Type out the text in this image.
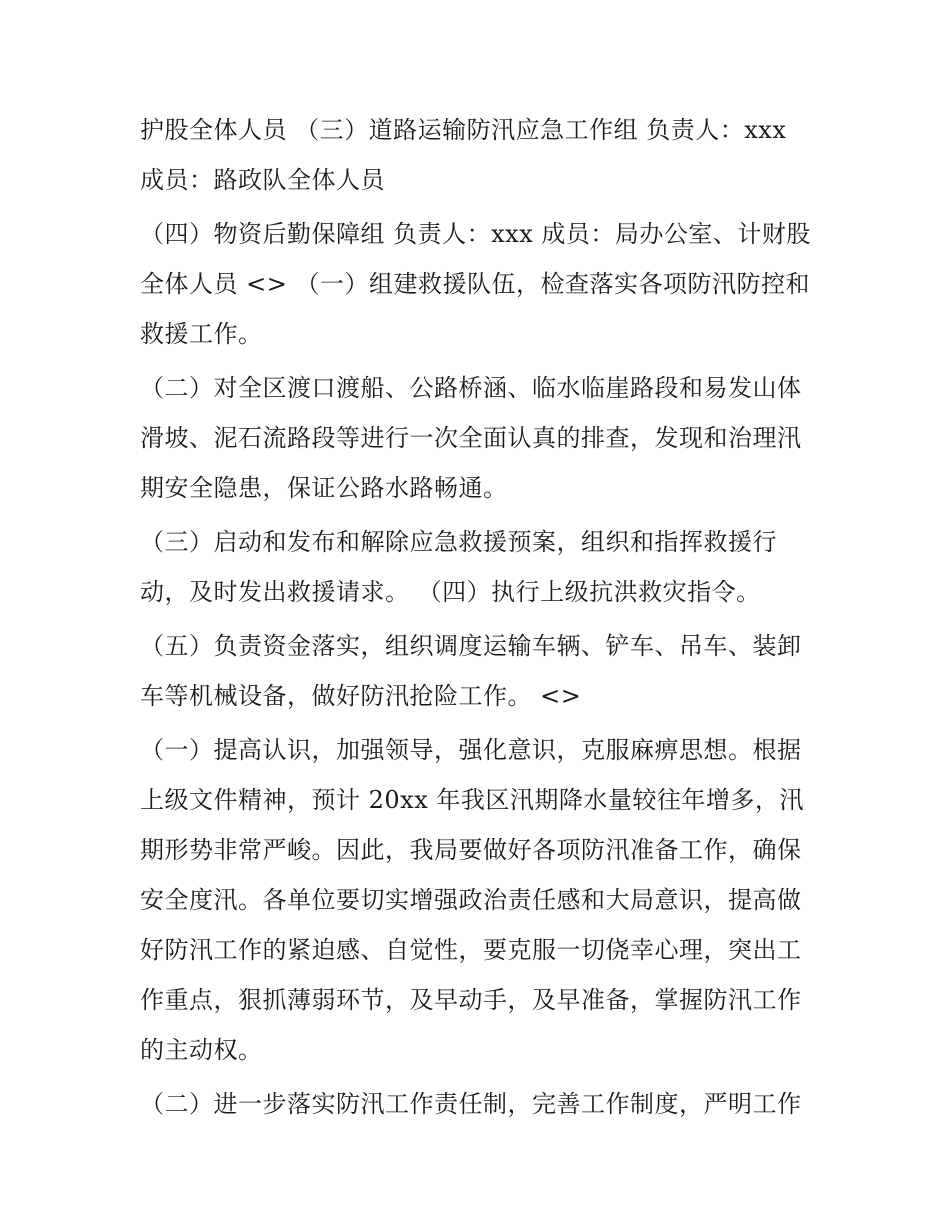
护股全体人员 （三）道路运输防汛应急工作组 负责人：xxx
成员：路政队全体人员
（四）物资后勤保障组 负责人：xxx 成员：局办公室、计财股
全体人员 <> （一）组建救援队伍，检查落实各项防汛防控和
救援工作。
（二）对全区渡口渡船、公路桥涵、临水临崖路段和易发山体
滑坡、泥石流路段等进行一次全面认真的排查，发现和治理汛
期安全隐患，保证公路水路畅通。
（三）启动和发布和解除应急救援预案，组织和指挥救援行
动，及时发出救援请求。 （四）执行上级抗洪救灾指令。
（五）负责资金落实，组织调度运输车辆、铲车、吊车、装卸
车等机械设备，做好防汛抢险工作。 <>
（一）提高认识，加强领导，强化意识，克服麻痹思想。根据
上级文件精神，预计 20xx 年我区汛期降水量较往年增多，汛
期形势非常严峻。因此，我局要做好各项防汛准备工作，确保
安全度汛。各单位要切实增强政治责任感和大局意识，提高做
好防汛工作的紧迫感、自觉性，要克服一切侥幸心理，突出工
作重点，狠抓薄弱环节，及早动手，及早准备，掌握防汛工作
的主动权。
（二）进一步落实防汛工作责任制，完善工作制度，严明工作
